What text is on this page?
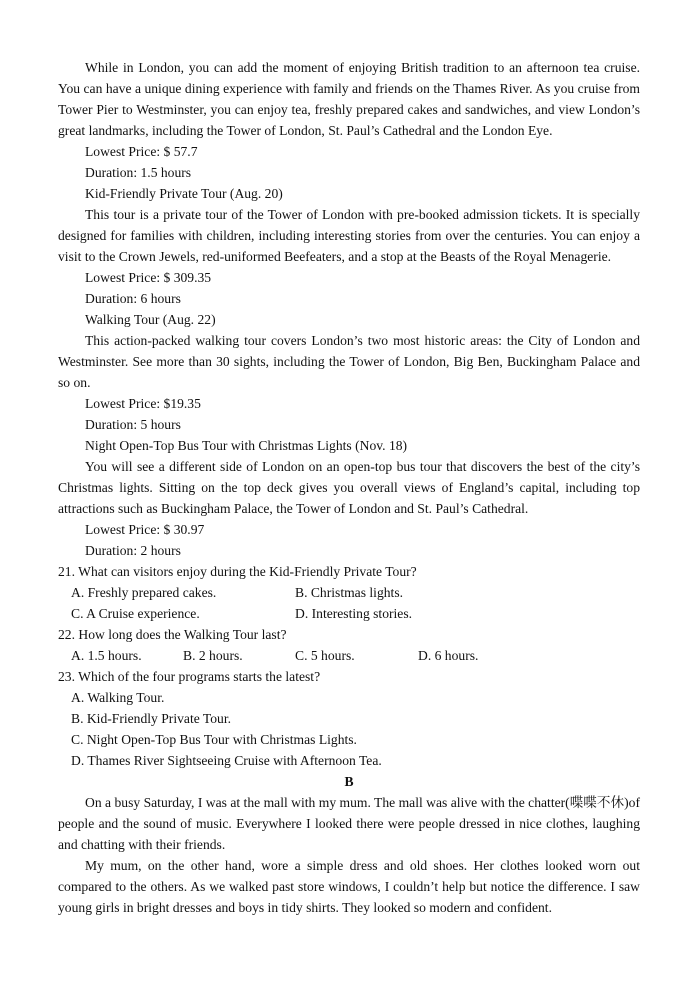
While in London, you can add the moment of enjoying British tradition to an afternoon tea cruise. You can have a unique dining experience with family and friends on the Thames River. As you cruise from Tower Pier to Westminster, you can enjoy tea, freshly prepared cakes and sandwiches, and view London’s great landmarks, including the Tower of London, St. Paul’s Cathedral and the London Eye.

Lowest Price: $ 57.7

Duration: 1.5 hours

Kid-Friendly Private Tour (Aug. 20)

This tour is a private tour of the Tower of London with pre-booked admission tickets. It is specially designed for families with children, including interesting stories from over the centuries. You can enjoy a visit to the Crown Jewels, red-uniformed Beefeaters, and a stop at the Beasts of the Royal Menagerie.

Lowest Price: $ 309.35

Duration: 6 hours

Walking Tour (Aug. 22)

This action-packed walking tour covers London’s two most historic areas: the City of London and Westminster. See more than 30 sights, including the Tower of London, Big Ben, Buckingham Palace and so on.

Lowest Price: $19.35

Duration: 5 hours

Night Open-Top Bus Tour with Christmas Lights (Nov. 18)

You will see a different side of London on an open-top bus tour that discovers the best of the city’s Christmas lights. Sitting on the top deck gives you overall views of England’s capital, including top attractions such as Buckingham Palace, the Tower of London and St. Paul’s Cathedral.

Lowest Price: $ 30.97

Duration: 2 hours

21. What can visitors enjoy during the Kid-Friendly Private Tour?

A. Freshly prepared cakes.	B. Christmas lights.
C. A Cruise experience.	D. Interesting stories.

22. How long does the Walking Tour last?

A. 1.5 hours.	B. 2 hours.	C. 5 hours.	D. 6 hours.

23. Which of the four programs starts the latest?

A. Walking Tour.

B. Kid-Friendly Private Tour.

C. Night Open-Top Bus Tour with Christmas Lights.

D. Thames River Sightseeing Cruise with Afternoon Tea.

B

On a busy Saturday, I was at the mall with my mum. The mall was alive with the chatter(喋喋不休)of people and the sound of music. Everywhere I looked there were people dressed in nice clothes, laughing and chatting with their friends.

My mum, on the other hand, wore a simple dress and old shoes. Her clothes looked worn out compared to the others. As we walked past store windows, I couldn’t help but notice the difference. I saw young girls in bright dresses and boys in tidy shirts. They looked so modern and confident.
